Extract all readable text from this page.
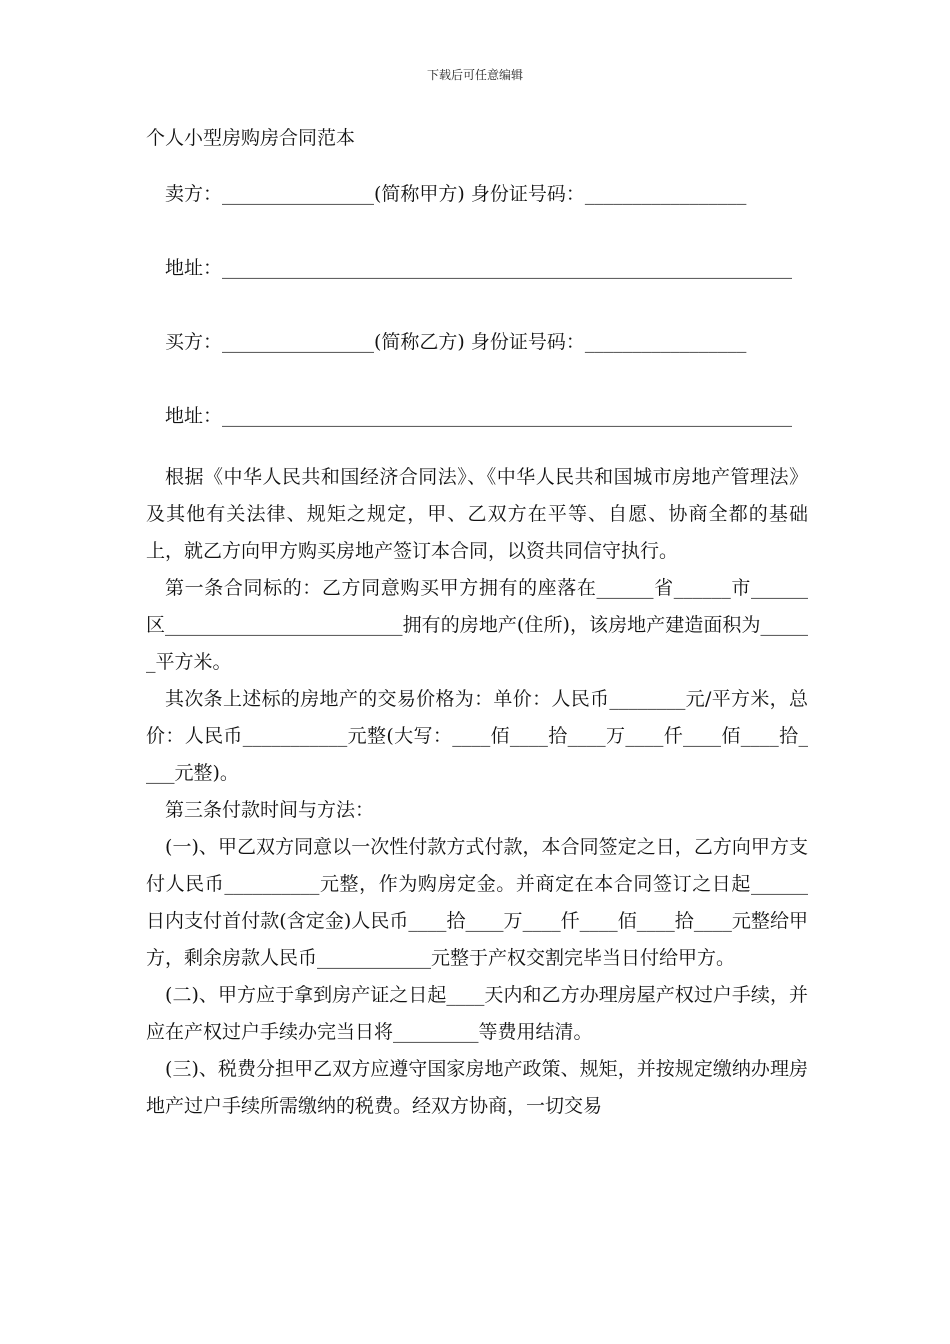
下载后可任意编辑
个人小型房购房合同范本

卖方：________________(简称甲方) 身份证号码：_________________

地址：____________________________________________________________

买方：________________(简称乙方) 身份证号码：_________________

地址：____________________________________________________________

根据《中华人民共和国经济合同法》、《中华人民共和国城市房地产管理法》及其他有关法律、规矩之规定，甲、乙双方在平等、自愿、协商全都的基础上，就乙方向甲方购买房地产签订本合同，以资共同信守执行。

第一条合同标的：乙方同意购买甲方拥有的座落在______省______市______区_________________________拥有的房地产(住所)，该房地产建造面积为______平方米。

其次条上述标的房地产的交易价格为：单价：人民币________元/平方米，总价：人民币___________元整(大写：____佰____拾____万____仟____佰____拾____元整)。

第三条付款时间与方法：

(一)、甲乙双方同意以一次性付款方式付款，本合同签定之日，乙方向甲方支付人民币__________元整，作为购房定金。并商定在本合同签订之日起______日内支付首付款(含定金)人民币____拾____万____仟____佰____拾____元整给甲方，剩余房款人民币____________元整于产权交割完毕当日付给甲方。

(二)、甲方应于拿到房产证之日起____天内和乙方办理房屋产权过户手续，并应在产权过户手续办完当日将_________等费用结清。

(三)、税费分担甲乙双方应遵守国家房地产政策、规矩，并按规定缴纳办理房地产过户手续所需缴纳的税费。经双方协商，一切交易
